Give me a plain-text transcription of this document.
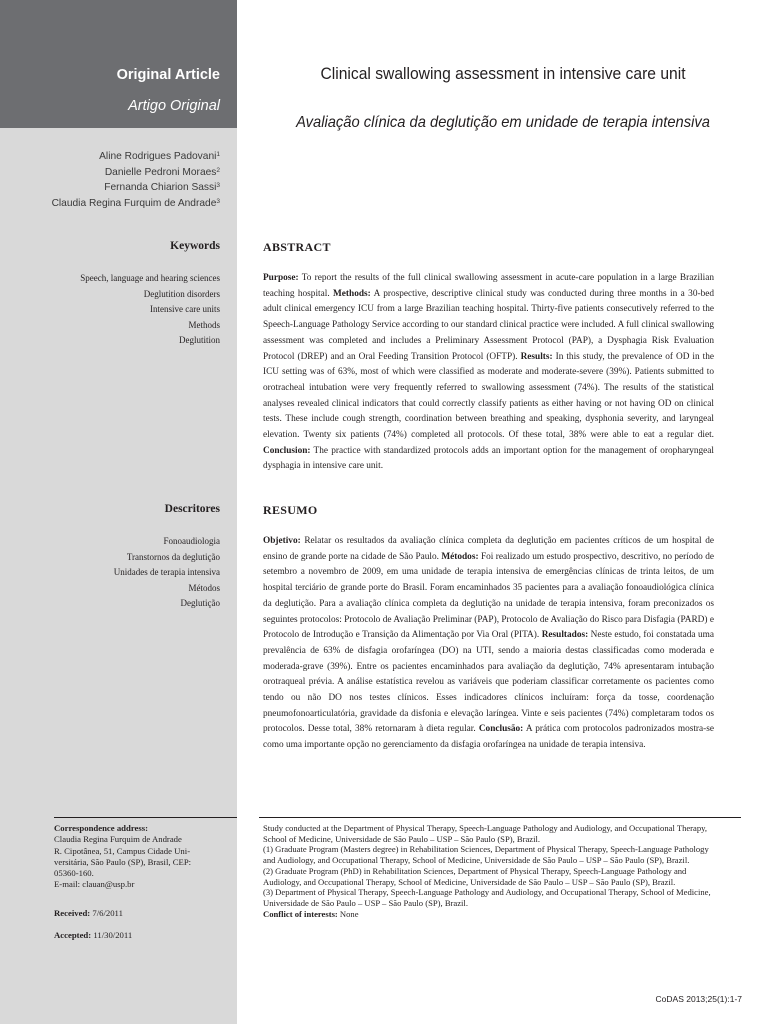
Original Article
Artigo Original
Aline Rodrigues Padovani$^1$
Danielle Pedroni Moraes$^2$
Fernanda Chiarion Sassi$^3$
Claudia Regina Furquim de Andrade$^3$
Keywords
Speech, language and hearing sciences
Deglutition disorders
Intensive care units
Methods
Deglutition
Descritores
Fonoaudiologia
Transtornos da deglutição
Unidades de terapia intensiva
Métodos
Deglutição
Correspondence address:
Claudia Regina Furquim de Andrade
R. Cipotânea, 51, Campus Cidade Uni-
versitária, São Paulo (SP), Brasil, CEP:
05360-160.
E-mail: clauan@usp.br
Received: 7/6/2011
Accepted: 11/30/2011
Clinical swallowing assessment in intensive care unit
Avaliação clínica da deglutição em unidade de terapia intensiva
ABSTRACT

Purpose: To report the results of the full clinical swallowing assessment in acute-care population in a large Brazilian teaching hospital. Methods: A prospective, descriptive clinical study was conducted during three months in a 30-bed adult clinical emergency ICU from a large Brazilian teaching hospital. Thirty-five patients consecutively referred to the Speech-Language Pathology Service according to our standard clinical practice were included. A full clinical swallowing assessment was completed and includes a Preliminary Assessment Protocol (PAP), a Dysphagia Risk Evaluation Protocol (DREP) and an Oral Feeding Transition Protocol (OFTP). Results: In this study, the prevalence of OD in the ICU setting was of 63%, most of which were classified as moderate and moderate-severe (39%). Patients submitted to orotracheal intubation were very frequently referred to swallowing assessment (74%). The results of the statistical analyses revealed clinical indicators that could correctly classify patients as either having or not having OD on clinical tests. These include cough strength, coordination between breathing and speaking, dysphonia severity, and laryngeal elevation. Twenty six patients (74%) completed all protocols. Of these total, 38% were able to eat a regular diet. Conclusion: The practice with standardized protocols adds an important option for the management of oropharyngeal dysphagia in intensive care unit.

RESUMO

Objetivo: Relatar os resultados da avaliação clínica completa da deglutição em pacientes críticos de um hospital de ensino de grande porte na cidade de São Paulo. Métodos: Foi realizado um estudo prospectivo, descritivo, no período de setembro a novembro de 2009, em uma unidade de terapia intensiva de emergências clínicas de trinta leitos, de um hospital terciário de grande porte do Brasil. Foram encaminhados 35 pacientes para a avaliação fonoaudiológica clínica da deglutição. Para a avaliação clínica completa da deglutição na unidade de terapia intensiva, foram preconizados os seguintes protocolos: Protocolo de Avaliação Preliminar (PAP), Protocolo de Avaliação do Risco para Disfagia (PARD) e Protocolo de Introdução e Transição da Alimentação por Via Oral (PITA). Resultados: Neste estudo, foi constatada uma prevalência de 63% de disfagia orofaríngea (DO) na UTI, sendo a maioria destas classificadas como moderada e moderada-grave (39%). Entre os pacientes encaminhados para avaliação da deglutição, 74% apresentaram intubação orotraqueal prévia. A análise estatística revelou as variáveis que poderiam classificar corretamente os pacientes como tendo ou não DO nos testes clínicos. Esses indicadores clínicos incluíram: força da tosse, coordenação pneumofonoarticulatória, gravidade da disfonia e elevação laríngea. Vinte e seis pacientes (74%) completaram todos os protocolos. Desse total, 38% retornaram à dieta regular. Conclusão: A prática com protocolos padronizados mostra-se como uma importante opção no gerenciamento da disfagia orofaríngea na unidade de terapia intensiva.

Study conducted at the Department of Physical Therapy, Speech-Language Pathology and Audiology, and Occupational Therapy, School of Medicine, Universidade de São Paulo – USP – São Paulo (SP), Brazil.

(1) Graduate Program (Masters degree) in Rehabilitation Sciences, Department of Physical Therapy, Speech-Language Pathology and Audiology, and Occupational Therapy, School of Medicine, Universidade de São Paulo – USP – São Paulo (SP), Brazil.

(2) Graduate Program (PhD) in Rehabilitation Sciences, Department of Physical Therapy, Speech-Language Pathology and Audiology, and Occupational Therapy, School of Medicine, Universidade de São Paulo – USP – São Paulo (SP), Brazil.

(3) Department of Physical Therapy, Speech-Language Pathology and Audiology, and Occupational Therapy, School of Medicine, Universidade de São Paulo – USP – São Paulo (SP), Brazil.

Conflict of interests: None

CoDAS 2013;25(1):1-7
